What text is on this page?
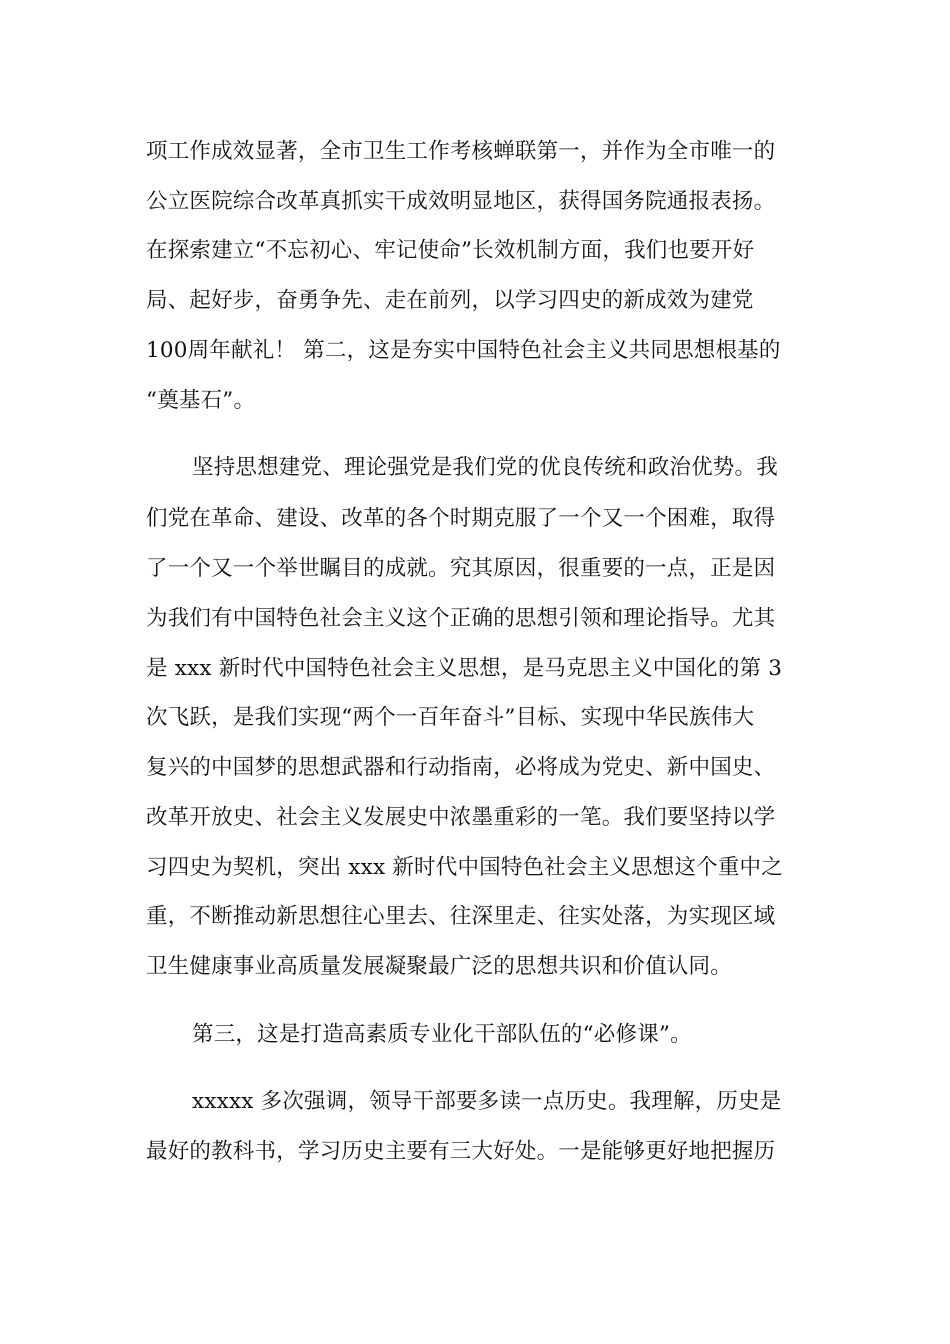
项工作成效显著，全市卫生工作考核蝉联第一，并作为全市唯一的
公立医院综合改革真抓实干成效明显地区，获得国务院通报表扬。
在探索建立“不忘初心、牢记使命”长效机制方面，我们也要开好
局、起好步，奋勇争先、走在前列，以学习四史的新成效为建党
100周年献礼！ 第二，这是夯实中国特色社会主义共同思想根基的
“奠基石”。
坚持思想建党、理论强党是我们党的优良传统和政治优势。我
们党在革命、建设、改革的各个时期克服了一个又一个困难，取得
了一个又一个举世瞩目的成就。究其原因，很重要的一点，正是因
为我们有中国特色社会主义这个正确的思想引领和理论指导。尤其
是 xxx 新时代中国特色社会主义思想，是马克思主义中国化的第 3
次飞跃，是我们实现“两个一百年奋斗”目标、实现中华民族伟大
复兴的中国梦的思想武器和行动指南，必将成为党史、新中国史、
改革开放史、社会主义发展史中浓墨重彩的一笔。我们要坚持以学
习四史为契机，突出 xxx 新时代中国特色社会主义思想这个重中之
重，不断推动新思想往心里去、往深里走、往实处落，为实现区域
卫生健康事业高质量发展凝聚最广泛的思想共识和价值认同。
第三，这是打造高素质专业化干部队伍的“必修课”。
xxxxx 多次强调，领导干部要多读一点历史。我理解，历史是
最好的教科书，学习历史主要有三大好处。一是能够更好地把握历
